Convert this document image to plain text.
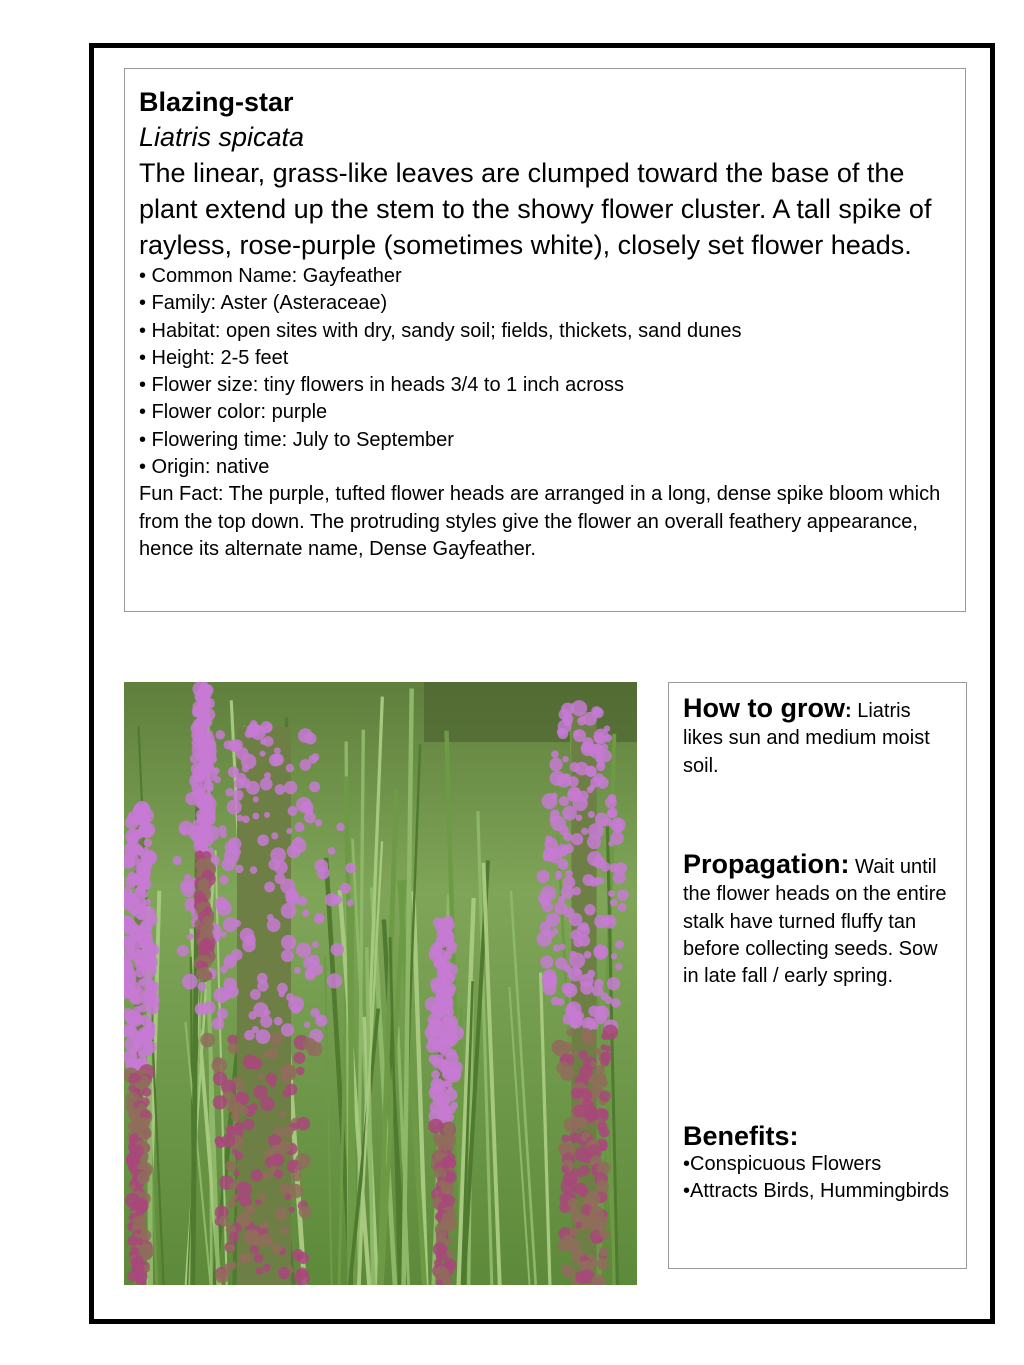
Blazing-star
Liatris spicata
The linear, grass-like leaves are clumped toward the base of the plant extend up the stem to the showy flower cluster. A tall spike of rayless, rose-purple (sometimes white), closely set flower heads.
• Common Name: Gayfeather
• Family: Aster (Asteraceae)
• Habitat: open sites with dry, sandy soil; fields, thickets, sand dunes
• Height: 2-5 feet
• Flower size: tiny flowers in heads 3/4 to 1 inch across
• Flower color: purple
• Flowering time: July to September
• Origin: native
Fun Fact: The purple, tufted flower heads are arranged in a long, dense spike bloom which from the top down. The protruding styles give the flower an overall feathery appearance, hence its alternate name, Dense Gayfeather.
How to grow: Liatris likes sun and medium moist soil.
Propagation: Wait until the flower heads on the entire stalk have turned fluffy tan before collecting seeds. Sow in late fall / early spring.
Benefits:
•Conspicuous Flowers
•Attracts Birds, Hummingbirds
